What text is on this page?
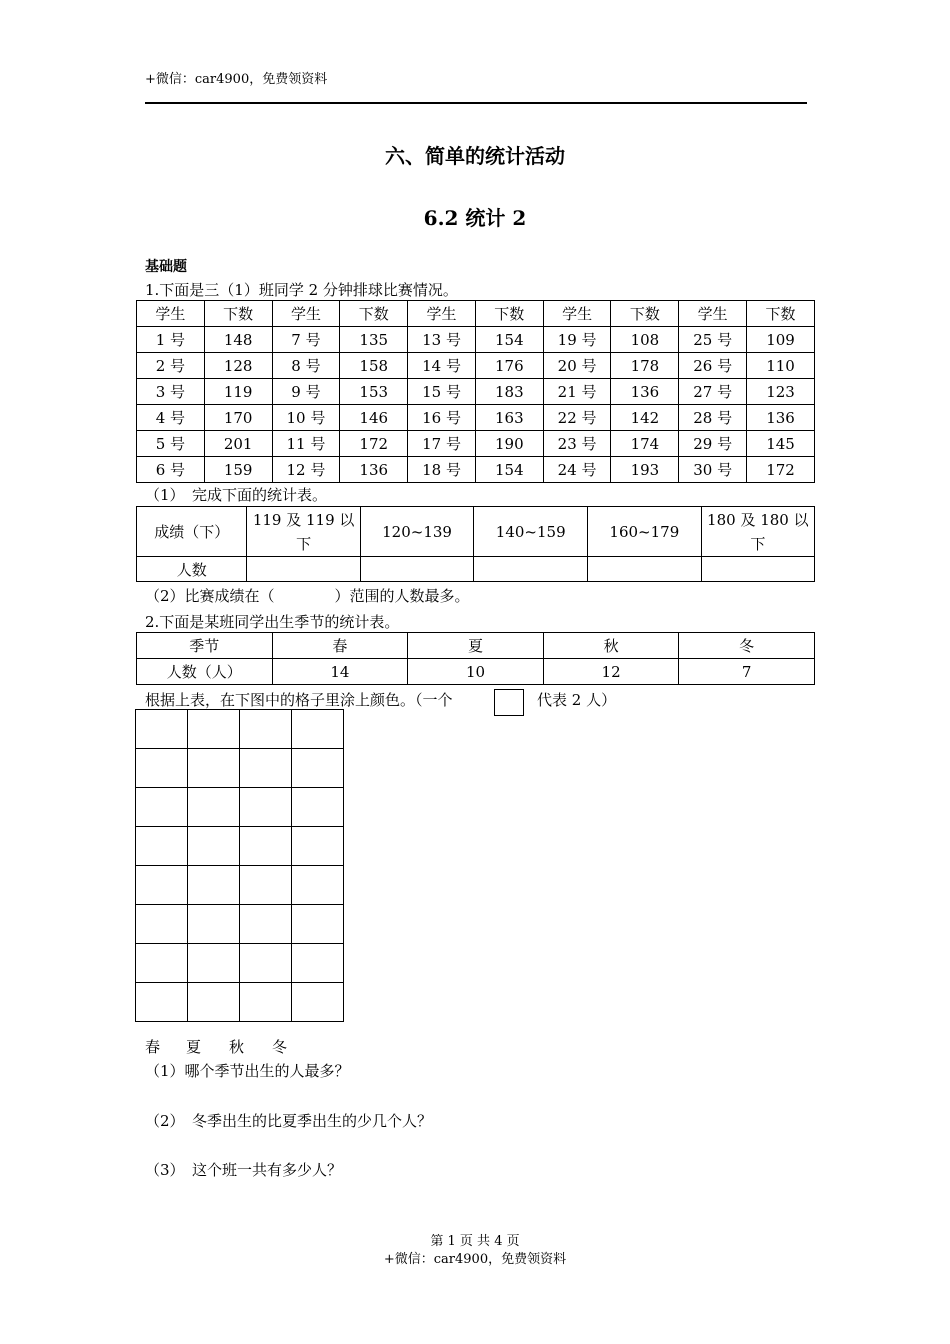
+微信：car4900，免费领资料
六、简单的统计活动
6.2 统计 2
基础题
1.下面是三（1）班同学 2 分钟排球比赛情况。
学生	下数	学生	下数	学生	下数	学生	下数	学生	下数
1 号	148	7 号	135	13 号	154	19 号	108	25 号	109
2 号	128	8 号	158	14 号	176	20 号	178	26 号	110
3 号	119	9 号	153	15 号	183	21 号	136	27 号	123
4 号	170	10 号	146	16 号	163	22 号	142	28 号	136
5 号	201	11 号	172	17 号	190	23 号	174	29 号	145
6 号	159	12 号	136	18 号	154	24 号	193	30 号	172
（1）　完成下面的统计表。
成绩（下）	119 及 119 以下	120~139	140~159	160~179	180 及 180 以下
人数					
（2）比赛成绩在（　　　　）范围的人数最多。
2.下面是某班同学出生季节的统计表。
季节	春	夏	秋	冬
人数（人）	14	10	12	7
根据上表，在下图中的格子里涂上颜色。（一个	代表 2 人）
春 夏 秋 冬
（1）哪个季节出生的人最多？
（2）　冬季出生的比夏季出生的少几个人？
（3）　这个班一共有多少人？
第 1 页 共 4 页
+微信：car4900，免费领资料
